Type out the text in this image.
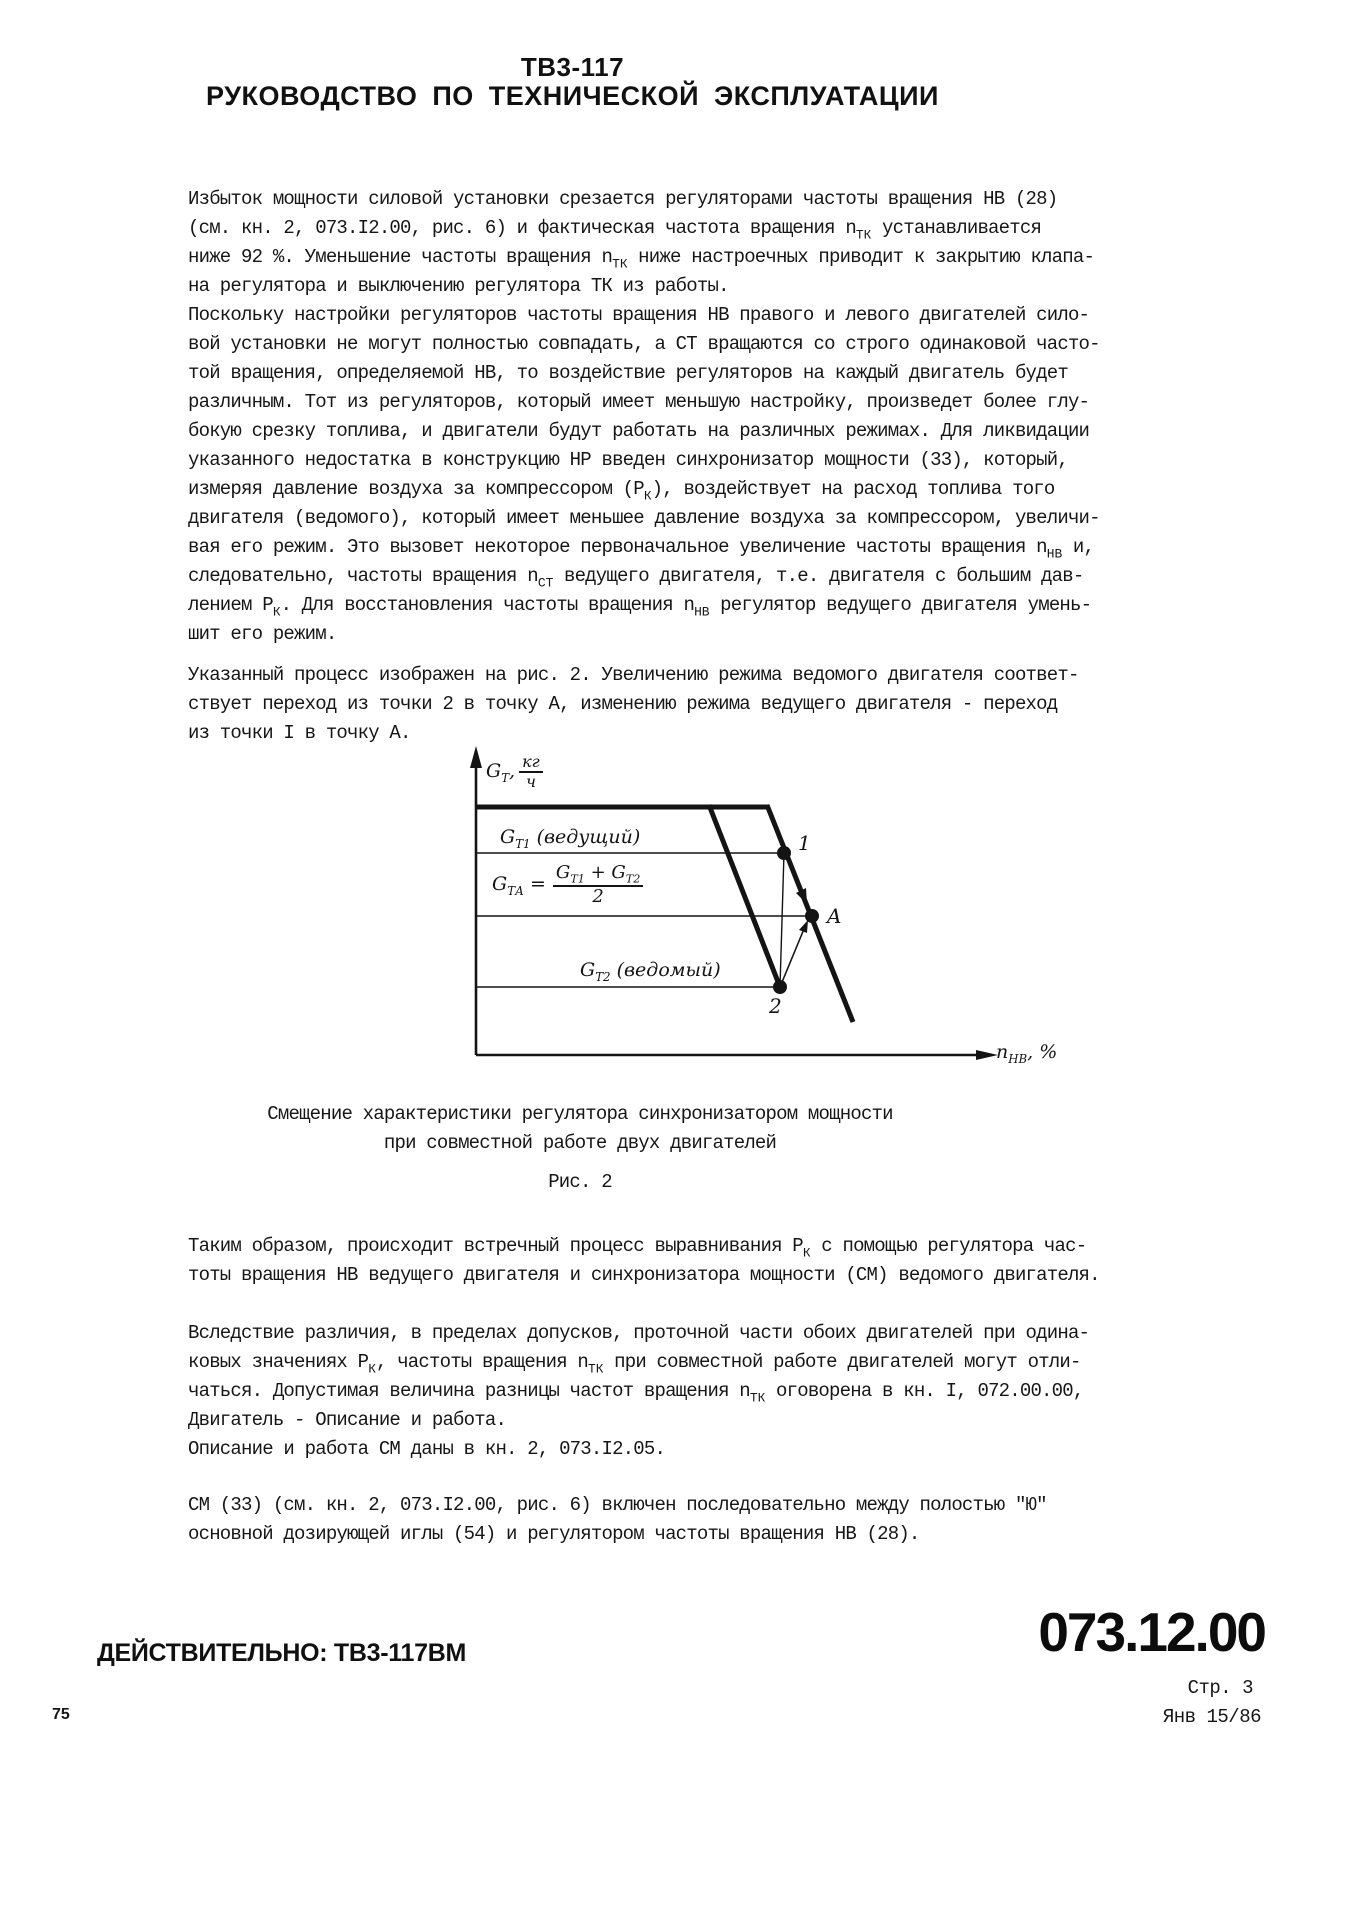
ТВ3-117
РУКОВОДСТВО ПО ТЕХНИЧЕСКОЙ ЭКСПЛУАТАЦИИ
Избыток мощности силовой установки срезается регуляторами частоты вращения НВ (28)
(см. кн. 2, 073.I2.00, рис. 6) и фактическая частота вращения $n_{ТК}$ устанавливается
ниже 92 %. Уменьшение частоты вращения $n_{ТК}$ ниже настроечных приводит к закрытию клапа-
на регулятора и выключению регулятора ТК из работы.
Поскольку настройки регуляторов частоты вращения НВ правого и левого двигателей сило-
вой установки не могут полностью совпадать, а СТ вращаются со строго одинаковой часто-
той вращения, определяемой НВ, то воздействие регуляторов на каждый двигатель будет
различным. Тот из регуляторов, который имеет меньшую настройку, произведет более глу-
бокую срезку топлива, и двигатели будут работать на различных режимах. Для ликвидации
указанного недостатка в конструкцию НР введен синхронизатор мощности (33), который,
измеряя давление воздуха за компрессором $(Р_К)$, воздействует на расход топлива того
двигателя (ведомого), который имеет меньшее давление воздуха за компрессором, увеличи-
вая его режим. Это вызовет некоторое первоначальное увеличение частоты вращения $n_{НВ}$ и,
следовательно, частоты вращения $n_{СТ}$ ведущего двигателя, т.е. двигателя с большим дав-
лением $Р_К$. Для восстановления частоты вращения $n_{НВ}$ регулятор ведущего двигателя умень-
шит его режим.
Указанный процесс изображен на рис. 2. Увеличению режима ведомого двигателя соответ-
ствует переход из точки 2 в точку А, изменению режима ведущего двигателя - переход
из точки I в точку А.
Таким образом, происходит встречный процесс выравнивания $Р_К$ с помощью регулятора час-
тоты вращения НВ ведущего двигателя и синхронизатора мощности (СМ) ведомого двигателя.
Вследствие различия, в пределах допусков, проточной части обоих двигателей при одина-
ковых значениях $Р_К$, частоты вращения $n_{ТК}$ при совместной работе двигателей могут отли-
чаться. Допустимая величина разницы частот вращения $n_{ТК}$ оговорена в кн. I, 072.00.00,
Двигатель - Описание и работа.
Описание и работа СМ даны в кн. 2, 073.I2.05.
СМ (33) (см. кн. 2, 073.I2.00, рис. 6) включен последовательно между полостью "Ю"
основной дозирующей иглы (54) и регулятором частоты вращения НВ (28).
$G_Т$, $\frac{кг}{ч}$
$G_{Т1}$ (ведущий)
$G_{ТА} = \frac{G_{Т1} + G_{Т2}}{2}$
$G_{Т2}$ (ведомый)
1
A
2
$n_{НВ}$, %
Смещение характеристики регулятора синхронизатором мощности
при совместной работе двух двигателей
Рис. 2
ДЕЙСТВИТЕЛЬНО: ТВ3-117ВМ	073.12.00
Стр. 3
Янв 15/86
75
